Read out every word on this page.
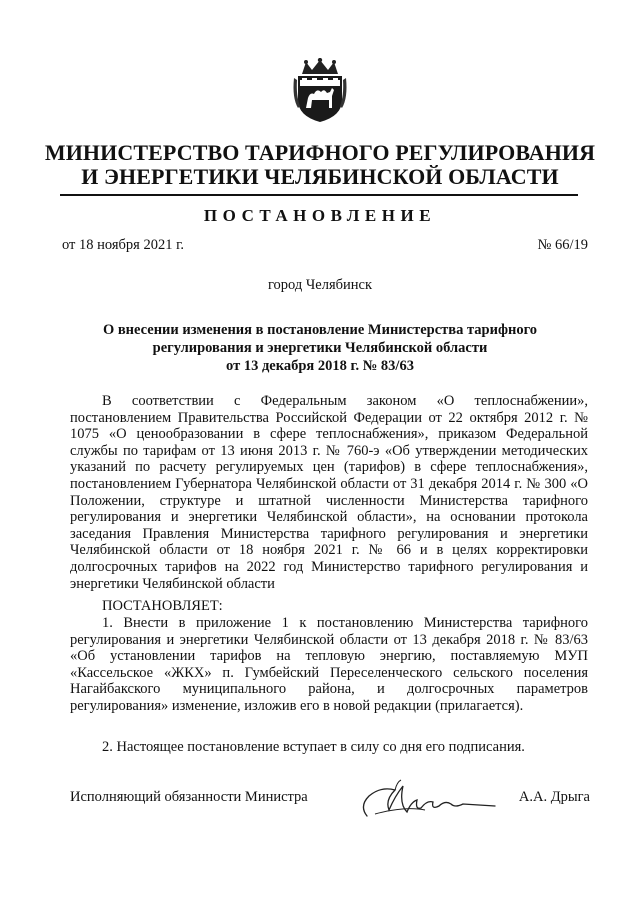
МИНИСТЕРСТВО ТАРИФНОГО РЕГУЛИРОВАНИЯ
И ЭНЕРГЕТИКИ ЧЕЛЯБИНСКОЙ ОБЛАСТИ
ПОСТАНОВЛЕНИЕ
от 18 ноября 2021 г.	№ 66/19
город Челябинск
О внесении изменения в постановление Министерства тарифного
регулирования и энергетики Челябинской области
от 13 декабря 2018 г. № 83/63
В соответствии с Федеральным законом «О теплоснабжении», постановлением Правительства Российской Федерации от 22 октября 2012 г. № 1075 «О ценообразовании в сфере теплоснабжения», приказом Федеральной службы по тарифам от 13 июня 2013 г. № 760-э «Об утверждении методических указаний по расчету регулируемых цен (тарифов) в сфере теплоснабжения», постановлением Губернатора Челябинской области от 31 декабря 2014 г. № 300 «О Положении, структуре и штатной численности Министерства тарифного регулирования и энергетики Челябинской области», на основании протокола заседания Правления Министерства тарифного регулирования и энергетики Челябинской области от 18 ноября 2021 г. № 66 и в целях корректировки долгосрочных тарифов на 2022 год Министерство тарифного регулирования и энергетики Челябинской области
ПОСТАНОВЛЯЕТ:
1. Внести в приложение 1 к постановлению Министерства тарифного регулирования и энергетики Челябинской области от 13 декабря 2018 г. № 83/63 «Об установлении тарифов на тепловую энергию, поставляемую МУП «Кассельское «ЖКХ» п. Гумбейский Переселенческого сельского поселения Нагайбакского муниципального района, и долгосрочных параметров регулирования» изменение, изложив его в новой редакции (прилагается).
2. Настоящее постановление вступает в силу со дня его подписания.
Исполняющий обязанности Министра	А.А. Дрыга
